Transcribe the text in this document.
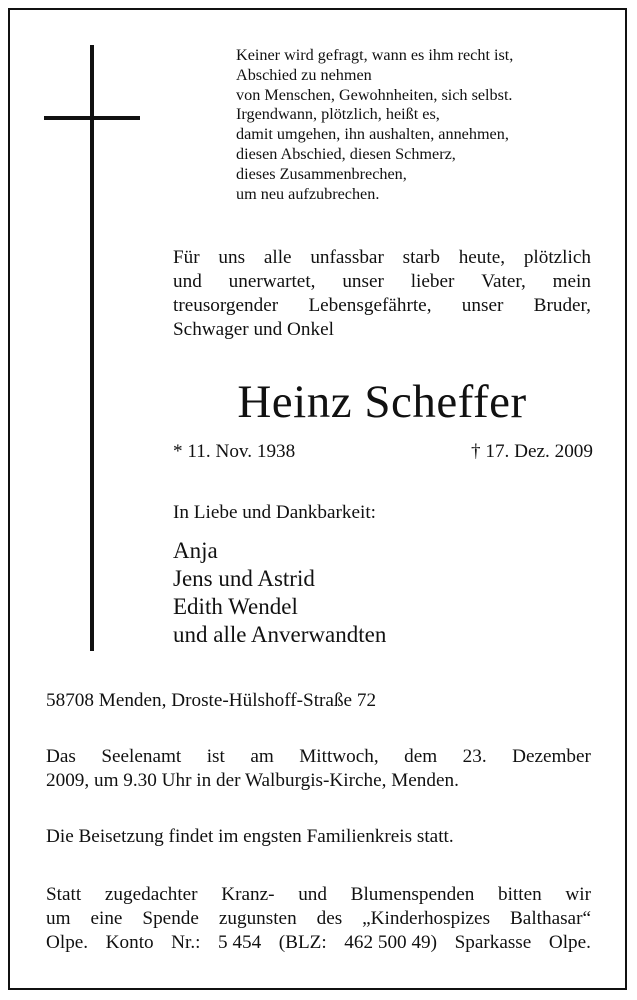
Keiner wird gefragt, wann es ihm recht ist,
Abschied zu nehmen
von Menschen, Gewohnheiten, sich selbst.
Irgendwann, plötzlich, heißt es,
damit umgehen, ihn aushalten, annehmen,
diesen Abschied, diesen Schmerz,
dieses Zusammenbrechen,
um neu aufzubrechen.
Für uns alle unfassbar starb heute, plötzlich
und unerwartet, unser lieber Vater, mein
treusorgender Lebensgefährte, unser Bruder,
Schwager und Onkel
Heinz Scheffer
* 11. Nov. 1938	† 17. Dez. 2009
In Liebe und Dankbarkeit:
Anja
Jens und Astrid
Edith Wendel
und alle Anverwandten
58708 Menden, Droste-Hülshoff-Straße 72
Das Seelenamt ist am Mittwoch, dem 23. Dezember
2009, um 9.30 Uhr in der Walburgis-Kirche, Menden.
Die Beisetzung findet im engsten Familienkreis statt.
Statt zugedachter Kranz- und Blumenspenden bitten wir
um eine Spende zugunsten des „Kinderhospizes Balthasar“
Olpe. Konto Nr.: 5 454 (BLZ: 462 500 49) Sparkasse Olpe.
